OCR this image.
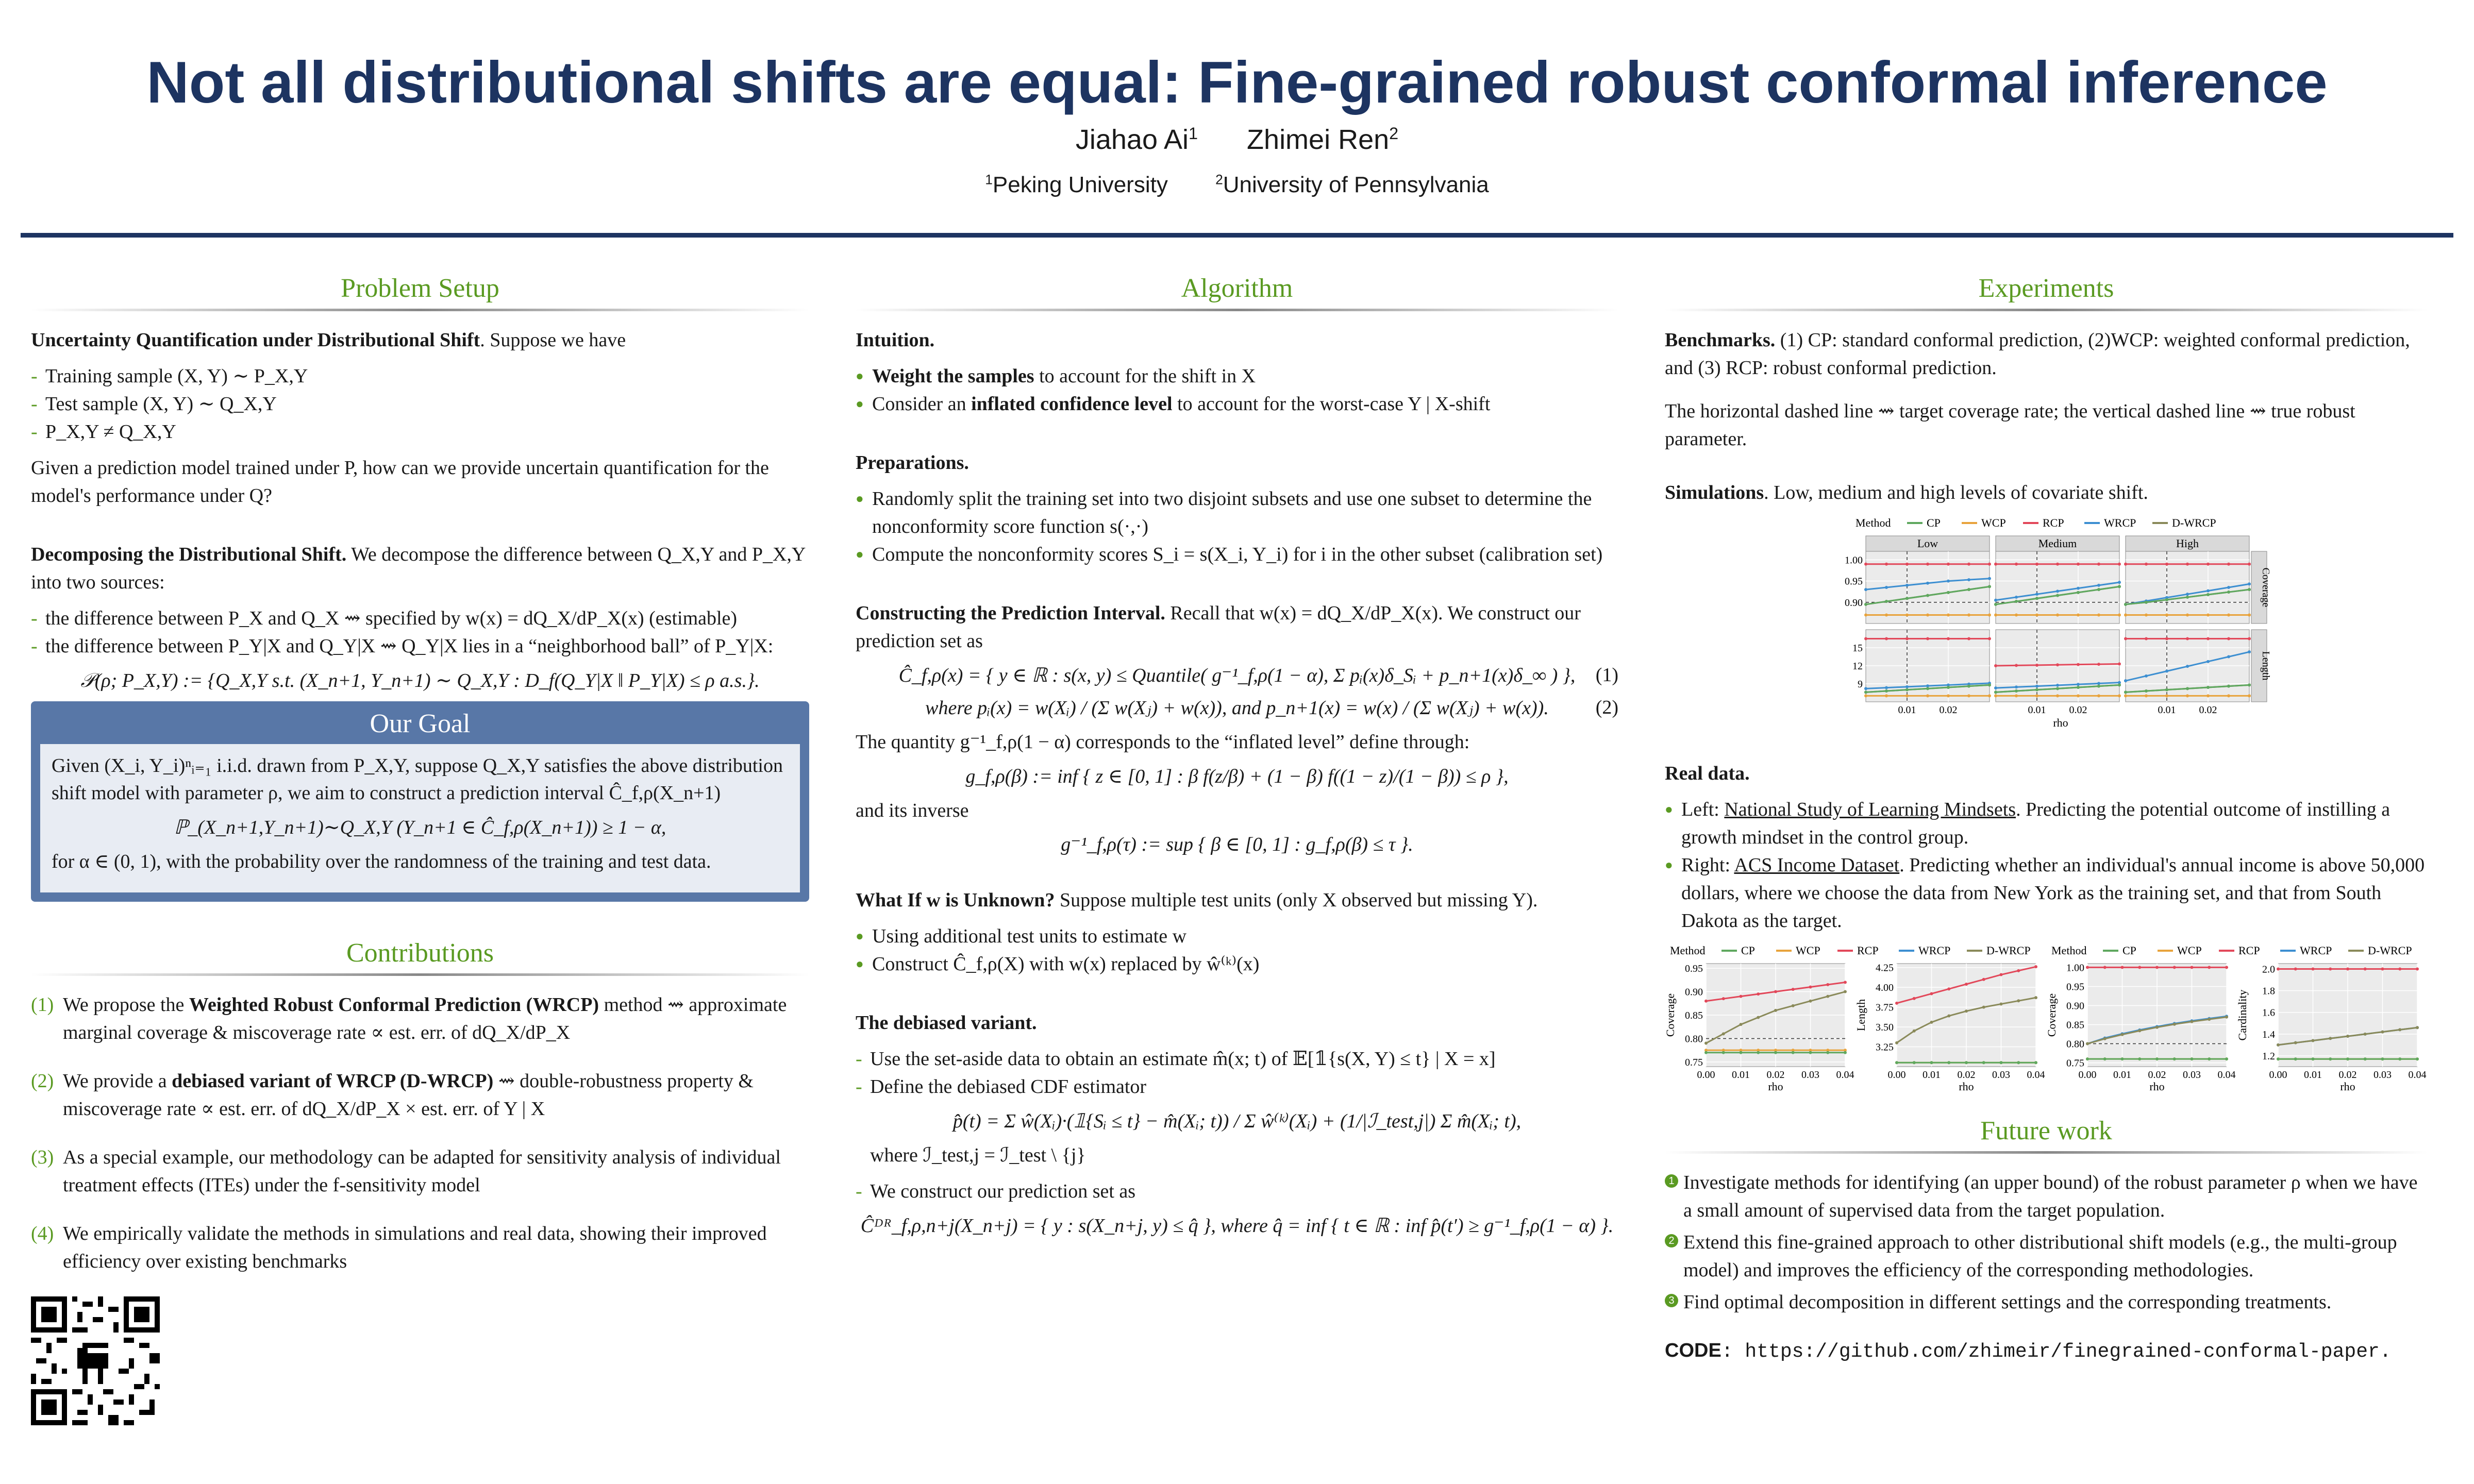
Not all distributional shifts are equal: Fine-grained robust conformal inference
Jiahao Ai$^1$ Zhimei Ren$^2$
$^1$Peking University	$^2$University of Pennsylvania
Problem Setup

Uncertainty Quantification under Distributional Shift. Suppose we have

- Training sample (X, Y) ∼ P_X,Y
- Test sample (X, Y) ∼ Q_X,Y
- P_X,Y ≠ Q_X,Y

Given a prediction model trained under P, how can we provide uncertain quantification for the model's performance under Q?

Decomposing the Distributional Shift. We decompose the difference between Q_X,Y and P_X,Y into two sources:

- the difference between P_X and Q_X ⇝ specified by w(x) = dQ_X/dP_X(x) (estimable)
- the difference between P_Y|X and Q_Y|X ⇝ Q_Y|X lies in a “neighborhood ball” of P_Y|X:
𝒫(ρ; P_X,Y) := {Q_X,Y s.t. (X_n+1, Y_n+1) ∼ Q_X,Y : D_f(Q_Y|X ‖ P_Y|X) ≤ ρ a.s.}.
Our Goal

Given (X_i, Y_i)ⁿᵢ₌₁ i.i.d. drawn from P_X,Y, suppose Q_X,Y satisfies the above distribution shift model with parameter ρ, we aim to construct a prediction interval Ĉ_f,ρ(X_n+1)

ℙ_(X_n+1,Y_n+1)∼Q_X,Y (Y_n+1 ∈ Ĉ_f,ρ(X_n+1)) ≥ 1 − α,

for α ∈ (0, 1), with the probability over the randomness of the training and test data.

Contributions
(1) We propose the Weighted Robust Conformal Prediction (WRCP) method ⇝ approximate marginal coverage & miscoverage rate ∝ est. err. of dQ_X/dP_X
(2) We provide a debiased variant of WRCP (D-WRCP) ⇝ double-robustness property & miscoverage rate ∝ est. err. of dQ_X/dP_X × est. err. of Y | X
(3) As a special example, our methodology can be adapted for sensitivity analysis of individual treatment effects (ITEs) under the f-sensitivity model
(4) We empirically validate the methods in simulations and real data, showing their improved efficiency over existing benchmarks
Algorithm

Intuition.

● Weight the samples to account for the shift in X
● Consider an inflated confidence level to account for the worst-case Y | X-shift

Preparations.

● Randomly split the training set into two disjoint subsets and use one subset to determine the nonconformity score function s(·,·)
● Compute the nonconformity scores S_i = s(X_i, Y_i) for i in the other subset (calibration set)

Constructing the Prediction Interval. Recall that w(x) = dQ_X/dP_X(x). We construct our prediction set as

Ĉ_f,ρ(x) = { y ∈ ℝ : s(x, y) ≤ Quantile( g⁻¹_f,ρ(1 − α), Σ pᵢ(x)δ_Sᵢ + p_n+1(x)δ_∞ ) }, (1)
where pᵢ(x) = w(Xᵢ) / (Σ w(Xⱼ) + w(x)), and p_n+1(x) = w(x) / (Σ w(Xⱼ) + w(x)). (2)

The quantity g⁻¹_f,ρ(1 − α) corresponds to the “inflated level” define through:

g_f,ρ(β) := inf { z ∈ [0, 1] : β f(z/β) + (1 − β) f((1 − z)/(1 − β)) ≤ ρ },

and its inverse

g⁻¹_f,ρ(τ) := sup { β ∈ [0, 1] : g_f,ρ(β) ≤ τ }.

What If w is Unknown? Suppose multiple test units (only X observed but missing Y).

● Using additional test units to estimate w
● Construct Ĉ_f,ρ(X) with w(x) replaced by ŵ⁽ᵏ⁾(x)

The debiased variant.

- Use the set-aside data to obtain an estimate m̂(x; t) of 𝔼[𝟙{s(X, Y) ≤ t} | X = x]
- Define the debiased CDF estimator
p̂(t) = Σ ŵ(Xᵢ)·(𝟙{Sᵢ ≤ t} − m̂(Xᵢ; t)) / Σ ŵ⁽ᵏ⁾(Xᵢ) + (1/|ℐ_test,j|) Σ m̂(Xᵢ; t),

where ℐ_test,j = ℐ_test \ {j}

- We construct our prediction set as
Ĉᴰᴿ_f,ρ,n+j(X_n+j) = { y : s(X_n+j, y) ≤ q̂ }, where q̂ = inf { t ∈ ℝ : inf p̂(t′) ≥ g⁻¹_f,ρ(1 − α) }.
Experiments

Benchmarks. (1) CP: standard conformal prediction, (2)WCP: weighted conformal prediction, and (3) RCP: robust conformal prediction.

The horizontal dashed line ⇝ target coverage rate; the vertical dashed line ⇝ true robust parameter.

Simulations. Low, medium and high levels of covariate shift.

Method	CP	WCP	RCP	WRCP	D-WRCP
Low
0.90
0.95
1.00
9
12
15
0.01 0.02
Medium
0.01 0.02
High
0.01 0.02
Coverage
Length
rho

Real data.

● Left: National Study of Learning Mindsets. Predicting the potential outcome of instilling a growth mindset in the control group.
● Right: ACS Income Dataset. Predicting whether an individual's annual income is above 50,000 dollars, where we choose the data from New York as the training set, and that from South Dakota as the target.
Method	CP	WCP	RCP	WRCP	D-WRCP
0.75
0.80
0.85
0.90
0.95
0.00 0.01 0.02 0.03 0.04
Coverage
rho
3.25
3.50
3.75
4.00
4.25
0.00 0.01 0.02 0.03 0.04
Length
rho
Method	CP	WCP	RCP	WRCP	D-WRCP
0.75
0.80
0.85
0.90
0.95
1.00
0.00 0.01 0.02 0.03 0.04
Coverage
rho
1.2
1.4
1.6
1.8
2.0
0.00 0.01 0.02 0.03 0.04
Cardinality
rho
Future work
1 Investigate methods for identifying (an upper bound) of the robust parameter ρ when we have a small amount of supervised data from the target population.
2 Extend this fine-grained approach to other distributional shift models (e.g., the multi-group model) and improves the efficiency of the corresponding methodologies.
3 Find optimal decomposition in different settings and the corresponding treatments.

CODE: https://github.com/zhimeir/finegrained-conformal-paper.
